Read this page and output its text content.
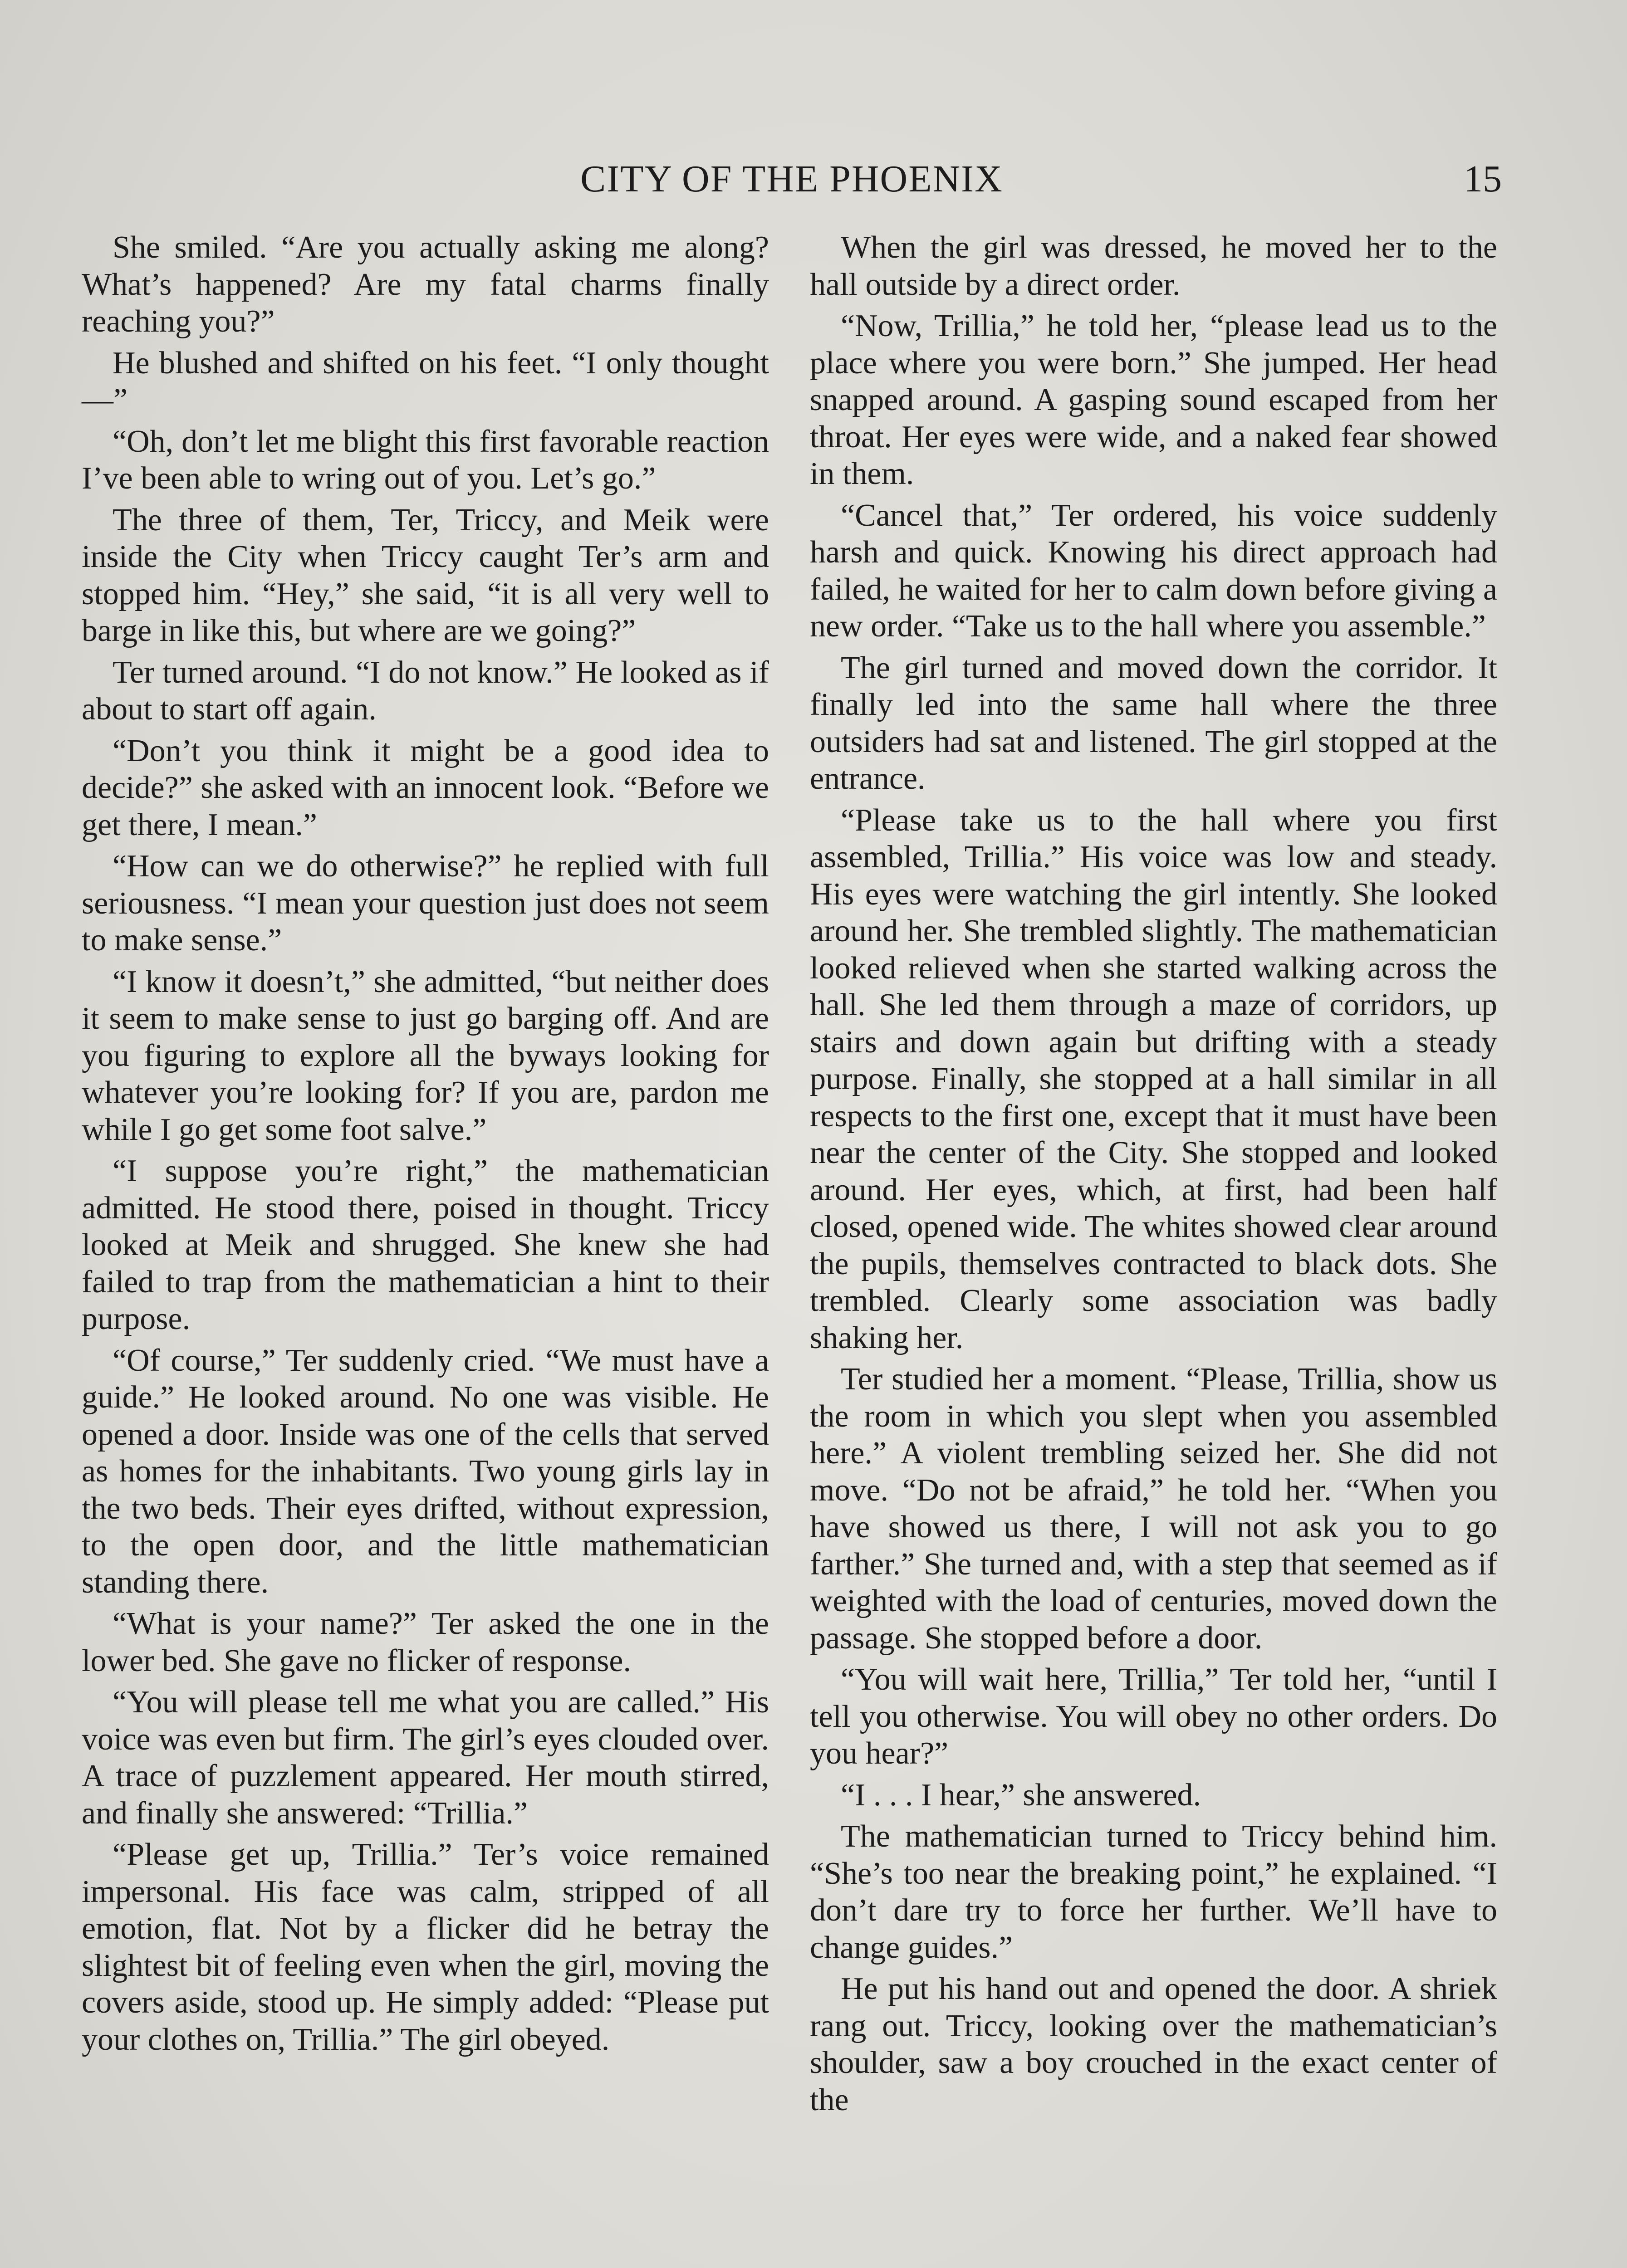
CITY OF THE PHOENIX	15

She smiled. “Are you actually asking me along? What’s happened? Are my fatal charms finally reaching you?”

He blushed and shifted on his feet. “I only thought—”

“Oh, don’t let me blight this first favorable reaction I’ve been able to wring out of you. Let’s go.”

The three of them, Ter, Triccy, and Meik were inside the City when Triccy caught Ter’s arm and stopped him. “Hey,” she said, “it is all very well to barge in like this, but where are we going?”

Ter turned around. “I do not know.” He looked as if about to start off again.

“Don’t you think it might be a good idea to decide?” she asked with an innocent look. “Before we get there, I mean.”

“How can we do otherwise?” he replied with full seriousness. “I mean your question just does not seem to make sense.”

“I know it doesn’t,” she admitted, “but neither does it seem to make sense to just go barging off. And are you figuring to explore all the byways looking for whatever you’re looking for? If you are, pardon me while I go get some foot salve.”

“I suppose you’re right,” the mathematician admitted. He stood there, poised in thought. Triccy looked at Meik and shrugged. She knew she had failed to trap from the mathematician a hint to their purpose.

“Of course,” Ter suddenly cried. “We must have a guide.” He looked around. No one was visible. He opened a door. Inside was one of the cells that served as homes for the inhabitants. Two young girls lay in the two beds. Their eyes drifted, without expression, to the open door, and the little mathematician standing there.

“What is your name?” Ter asked the one in the lower bed. She gave no flicker of response.

“You will please tell me what you are called.” His voice was even but firm. The girl’s eyes clouded over. A trace of puzzlement appeared. Her mouth stirred, and finally she answered: “Trillia.”

“Please get up, Trillia.” Ter’s voice remained impersonal. His face was calm, stripped of all emotion, flat. Not by a flicker did he betray the slightest bit of feeling even when the girl, moving the covers aside, stood up. He simply added: “Please put your clothes on, Trillia.” The girl obeyed.

When the girl was dressed, he moved her to the hall outside by a direct order.

“Now, Trillia,” he told her, “please lead us to the place where you were born.” She jumped. Her head snapped around. A gasping sound escaped from her throat. Her eyes were wide, and a naked fear showed in them.

“Cancel that,” Ter ordered, his voice suddenly harsh and quick. Knowing his direct approach had failed, he waited for her to calm down before giving a new order. “Take us to the hall where you assemble.”

The girl turned and moved down the corridor. It finally led into the same hall where the three outsiders had sat and listened. The girl stopped at the entrance.

“Please take us to the hall where you first assembled, Trillia.” His voice was low and steady. His eyes were watching the girl intently. She looked around her. She trembled slightly. The mathematician looked relieved when she started walking across the hall. She led them through a maze of corridors, up stairs and down again but drifting with a steady purpose. Finally, she stopped at a hall similar in all respects to the first one, except that it must have been near the center of the City. She stopped and looked around. Her eyes, which, at first, had been half closed, opened wide. The whites showed clear around the pupils, themselves contracted to black dots. She trembled. Clearly some association was badly shaking her.

Ter studied her a moment. “Please, Trillia, show us the room in which you slept when you assembled here.” A violent trembling seized her. She did not move. “Do not be afraid,” he told her. “When you have showed us there, I will not ask you to go farther.” She turned and, with a step that seemed as if weighted with the load of centuries, moved down the passage. She stopped before a door.

“You will wait here, Trillia,” Ter told her, “until I tell you otherwise. You will obey no other orders. Do you hear?”

“I . . . I hear,” she answered.

The mathematician turned to Triccy behind him. “She’s too near the breaking point,” he explained. “I don’t dare try to force her further. We’ll have to change guides.”

He put his hand out and opened the door. A shriek rang out. Triccy, looking over the mathematician’s shoulder, saw a boy crouched in the exact center of the
